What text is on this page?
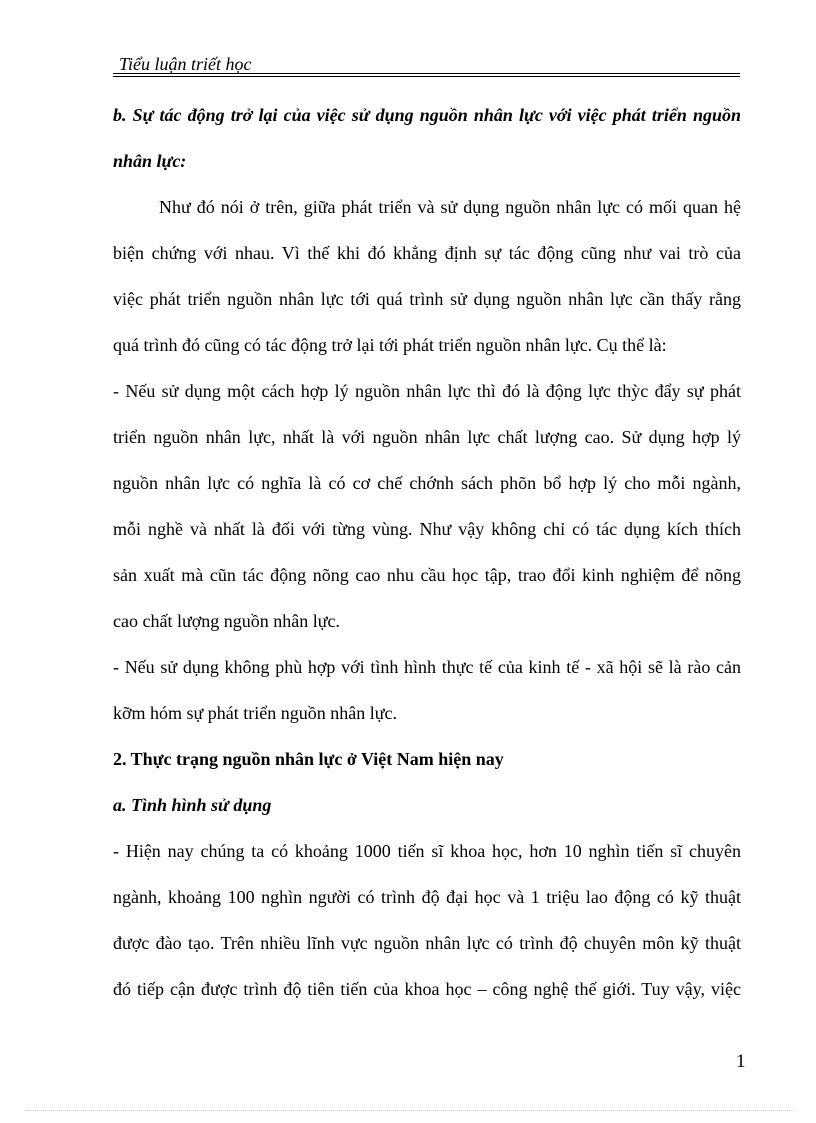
Tiểu luận triết học
b. Sự tác động trở lại của việc sử dụng nguồn nhân lực với việc phát triển nguồn
nhân lực:
Như đó nói ở trên, giữa phát triển và sử dụng nguồn nhân lực có mối quan hệ
biện chứng với nhau. Vì thế khi đó khẳng định sự tác động cũng như vai trò của
việc phát triển nguồn nhân lực tới quá trình sử dụng nguồn nhân lực cần thấy rằng
quá trình đó cũng có tác động trở lại tới phát triển nguồn nhân lực. Cụ thể là:
- Nếu sử dụng một cách hợp lý nguồn nhân lực thì đó là động lực thỳc đẩy sự phát
triển nguồn nhân lực, nhất là với nguồn nhân lực chất lượng cao. Sử dụng hợp lý
nguồn nhân lực có nghĩa là có cơ chế chớnh sách phõn bổ hợp lý cho mỗi ngành,
mỗi nghề và nhất là đối với từng vùng. Như vậy không chỉ có tác dụng kích thích
sản xuất mà cũn tác động nõng cao nhu cầu học tập, trao đổi kinh nghiệm để nõng
cao chất lượng nguồn nhân lực.
- Nếu sử dụng không phù hợp với tình hình thực tế của kinh tế - xã hội sẽ là rào cản
kỡm hóm sự phát triển nguồn nhân lực.
2. Thực trạng nguồn nhân lực ở Việt Nam hiện nay
a. Tình hình sử dụng
- Hiện nay chúng ta có khoảng 1000 tiến sĩ khoa học, hơn 10 nghìn tiến sĩ chuyên
ngành, khoảng 100 nghìn người có trình độ đại học và 1 triệu lao động có kỹ thuật
được đào tạo. Trên nhiều lĩnh vực nguồn nhân lực có trình độ chuyên môn kỹ thuật
đó tiếp cận được trình độ tiên tiến của khoa học – công nghệ thế giới. Tuy vậy, việc
1
